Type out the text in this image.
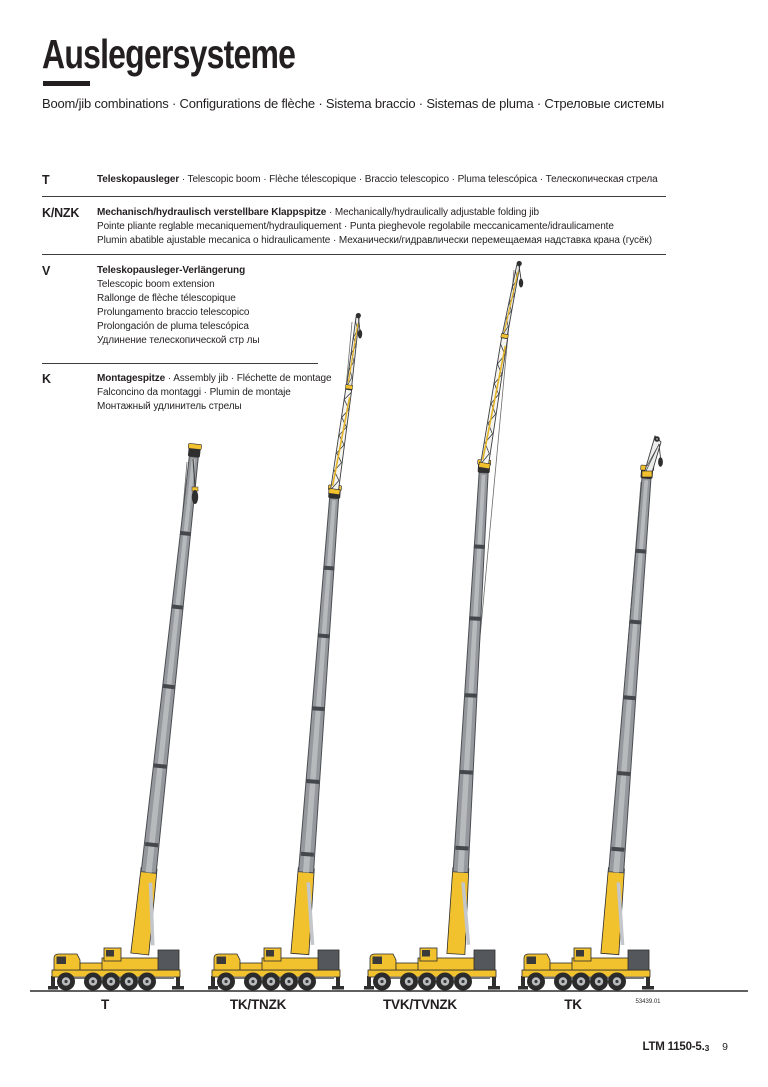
Auslegersysteme
Boom/jib combinations · Configurations de flèche · Sistema braccio · Sistemas de pluma · Стреловые системы
T	Teleskopausleger · Telescopic boom · Flèche télescopique · Braccio telescopico · Pluma telescópica · Телескопическая стрела
K/NZK	Mechanisch/hydraulisch verstellbare Klappspitze · Mechanically/hydraulically adjustable folding jib
Pointe pliante reglable mecaniquement/hydrauliquement · Punta pieghevole regolabile meccanicamente/idraulicamente
Plumin abatible ajustable mecanica o hidraulicamente · Механически/гидравлически перемещаемая надставка крана (гусёк)
V	Teleskopausleger-Verlängerung
Telescopic boom extension
Rallonge de flèche télescopique
Prolungamento braccio telescopico
Prolongación de pluma telescópica
Удлинение телескопической стр лы
K	Montagespitze · Assembly jib · Fléchette de montage
Falconcino da montaggi · Plumin de montaje
Монтажный удлинитель стрелы
T	TK/TNZK	TVK/TVNZK	TK	53439.01
LTM 1150-5.3 9
